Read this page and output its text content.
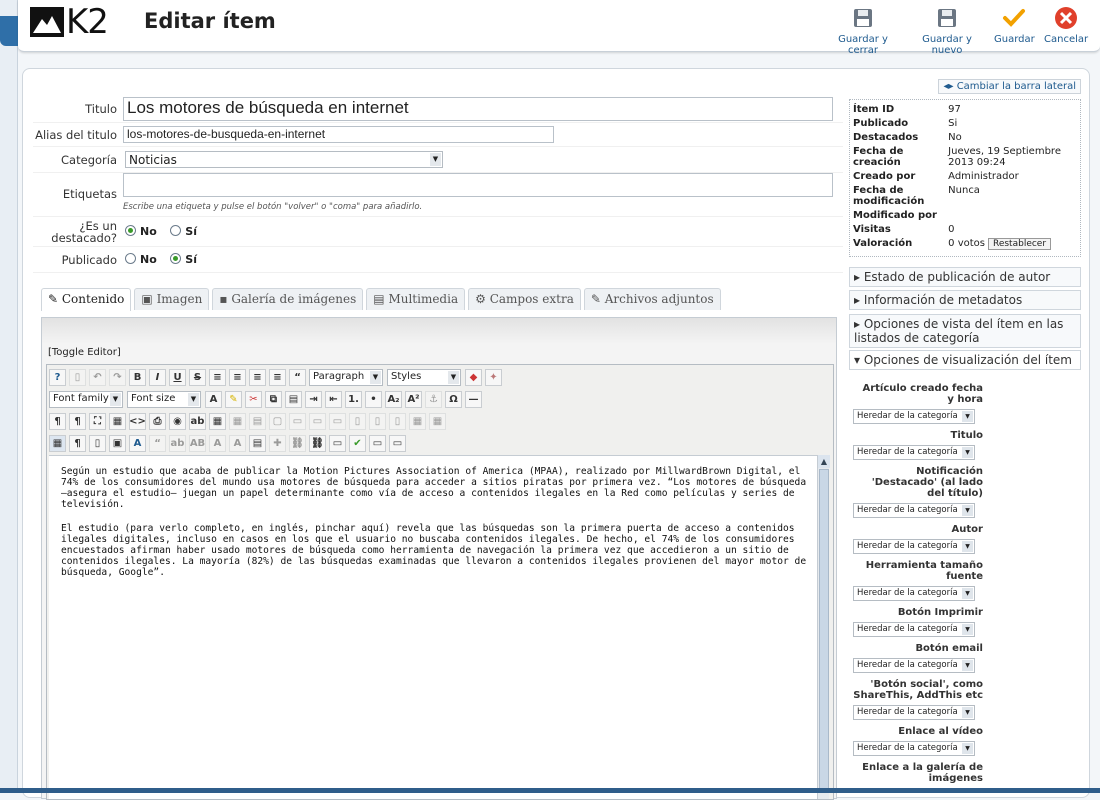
K2 Editar ítem
Guardar y cerrar
Guardar y nuevo
Guardar Cancelar
Titulo Los motores de búsqueda en internet
Alias del titulo los-motores-de-busqueda-en-internet
Categoría	Noticias	▼
Etiquetas
Escribe una etiqueta y pulse el botón "volver" o "coma" para añadirlo.
¿Es un destacado?	No	Sí
Publicado	No	Sí
✎ Contenido	▣ Imagen	▪ Galería de imágenes	▤ Multimedia	⚙ Campos extra	✎ Archivos adjuntos
[Toggle Editor]
?	▯	↶	↷	B	I	U	S	≡	≡	≡	≡	“	Paragraph	▼	Styles	▼	◆	✦
Font family ▼	Font size	▼	A	✎	✂	⧉	▤	⇥	⇤	1.	•	A₂ A² ⚓	Ω	—
¶	¶	⛶	▦ <> ⎙	◉ ab ▦	▦	▤	▢	▭	▭	▭	▯	▯	▯	▦	▦
▦	¶	▯	▣	A	“ ab AB A	A	▤	✚ ⛓ ⛓ ▭	✔	▭	▭

Según un estudio que acaba de publicar la Motion Pictures Association of America (MPAA), realizado por MillwardBrown Digital, el 74% de los consumidores del mundo usa motores de búsqueda para acceder a sitios piratas por primera vez. “Los motores de búsqueda –asegura el estudio– juegan un papel determinante como vía de acceso a contenidos ilegales en la Red como películas y series de televisión.

El estudio (para verlo completo, en inglés, pinchar aquí) revela que las búsquedas son la primera puerta de acceso a contenidos ilegales digitales, incluso en casos en los que el usuario no buscaba contenidos ilegales. De hecho, el 74% de los consumidores encuestados afirman haber usado motores de búsqueda como herramienta de navegación la primera vez que accedieron a un sitio de contenidos ilegales. La mayoría (82%) de las búsquedas examinadas que llevaron a contenidos ilegales provienen del mayor motor de búsqueda, Google”.

▲
◂▸ Cambiar la barra lateral
Ítem ID	97
Publicado	Si
Destacados	No
Fecha de creación
Jueves, 19 Septiembre 2013 09:24
Creado por	Administrador
Fecha de modificación
Nunca
Modificado por
Visitas	0
Valoración	0 votos Restablecer
▸ Estado de publicación de autor
▸ Información de metadatos
▸ Opciones de vista del ítem en las listados de categoría
▾ Opciones de visualización del ítem
Artículo creado fecha y hora
Heredar de la categoría	▼
Titulo
Heredar de la categoría	▼
Notificación 'Destacado' (al lado del título)
Heredar de la categoría	▼
Autor
Heredar de la categoría	▼
Herramienta tamaño fuente
Heredar de la categoría	▼
Botón Imprimir
Heredar de la categoría	▼
Botón email
Heredar de la categoría	▼
'Botón social', como ShareThis, AddThis etc
Heredar de la categoría	▼
Enlace al vídeo
Heredar de la categoría	▼
Enlace a la galería de imágenes
